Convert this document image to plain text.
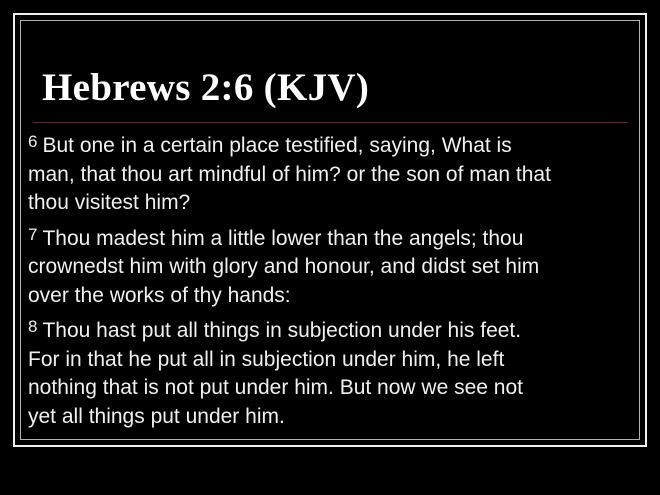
Hebrews 2:6 (KJV)

6 But one in a certain place testified, saying, What is
man, that thou art mindful of him? or the son of man that
thou visitest him?

7 Thou madest him a little lower than the angels; thou
crownedst him with glory and honour, and didst set him
over the works of thy hands:

8 Thou hast put all things in subjection under his feet.
For in that he put all in subjection under him, he left
nothing that is not put under him. But now we see not
yet all things put under him.
